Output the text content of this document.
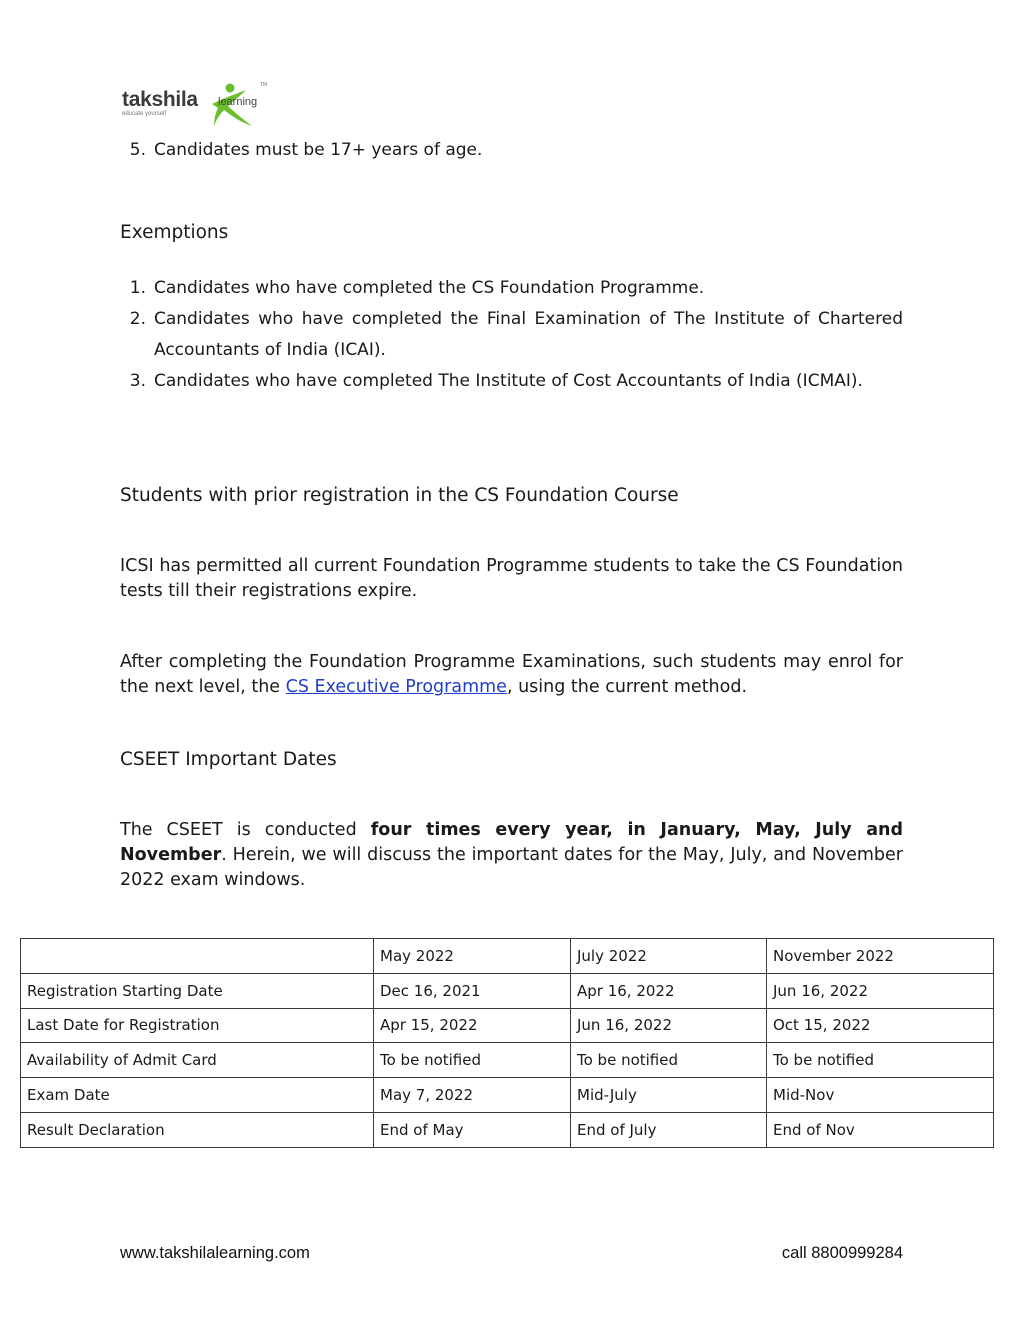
takshila learning
educate yourself
TM
5. Candidates must be 17+ years of age.
Exemptions
1. Candidates who have completed the CS Foundation Programme.
2. Candidates who have completed the Final Examination of The Institute of Chartered Accountants of India (ICAI).
3. Candidates who have completed The Institute of Cost Accountants of India (ICMAI).
Students with prior registration in the CS Foundation Course

ICSI has permitted all current Foundation Programme students to take the CS Foundation tests till their registrations expire.

After completing the Foundation Programme Examinations, such students may enrol for the next level, the CS Executive Programme, using the current method.

CSEET Important Dates

The CSEET is conducted four times every year, in January, May, July and November. Herein, we will discuss the important dates for the May, July, and November 2022 exam windows.

	May 2022	July 2022	November 2022
Registration Starting Date	Dec 16, 2021	Apr 16, 2022	Jun 16, 2022
Last Date for Registration	Apr 15, 2022	Jun 16, 2022	Oct 15, 2022
Availability of Admit Card	To be notified	To be notified	To be notified
Exam Date	May 7, 2022	Mid-July	Mid-Nov
Result Declaration	End of May	End of July	End of Nov
www.takshilalearning.com	call 8800999284
